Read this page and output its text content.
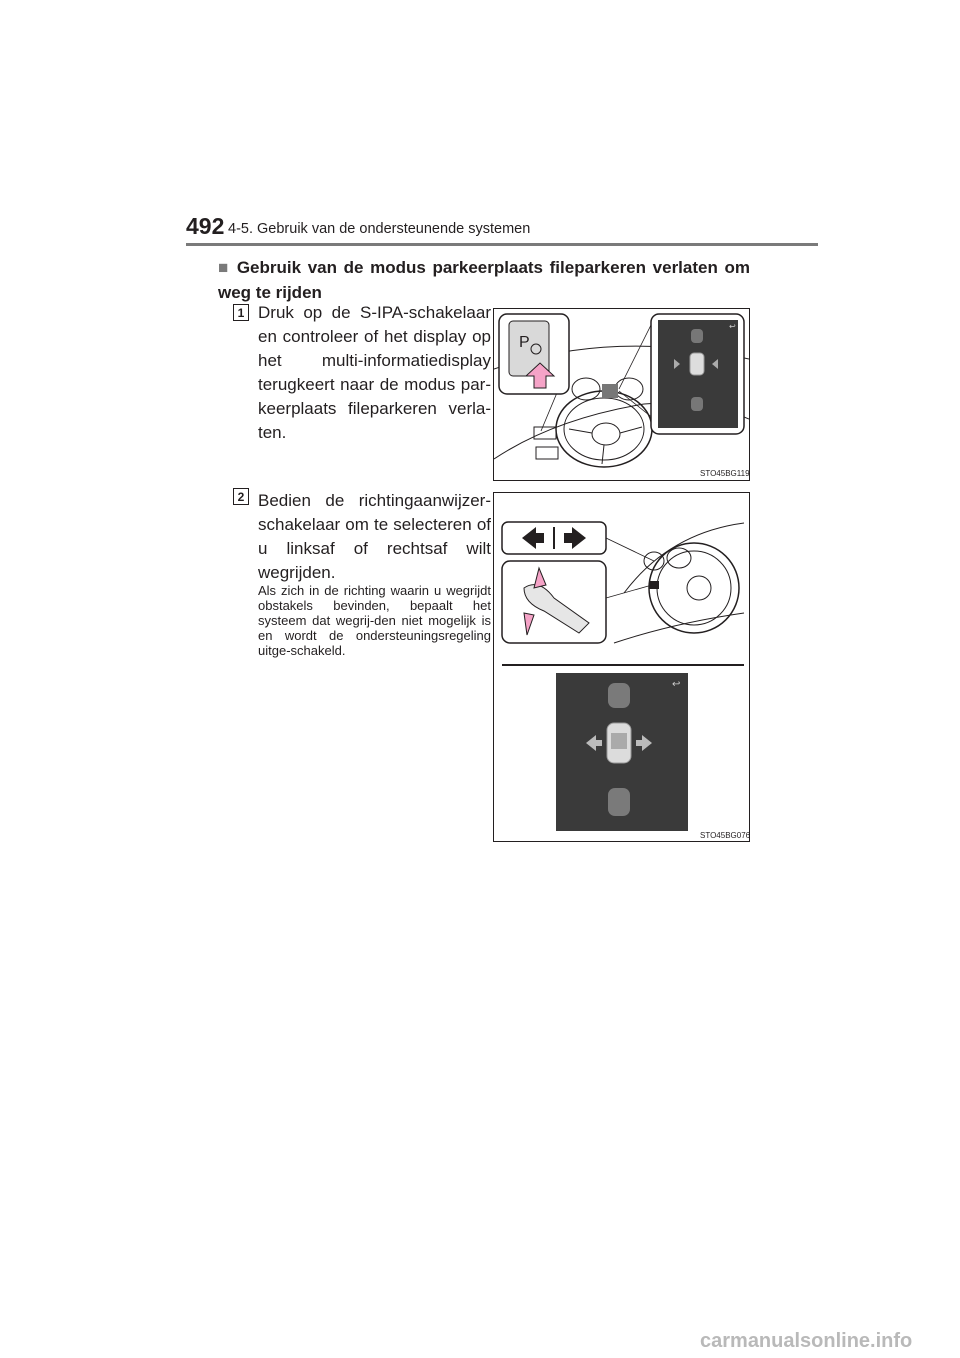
492 4-5. Gebruik van de ondersteunende systemen
■ Gebruik van de modus parkeerplaats fileparkeren verlaten om weg te rijden
1 Druk op de S-IPA-schakelaar en controleer of het display op het multi-informatiedisplay terugkeert naar de modus par-keerplaats fileparkeren verla-ten.
P
↩
STO45BG119
2 Bedien de richtingaanwijzer-schakelaar om te selecteren of u linksaf of rechtsaf wilt wegrijden.
Als zich in de richting waarin u wegrijdt obstakels bevinden, bepaalt het systeem dat wegrij-den niet mogelijk is en wordt de ondersteuningsregeling uitge-schakeld.
↩
STO45BG076
carmanualsonline.info
